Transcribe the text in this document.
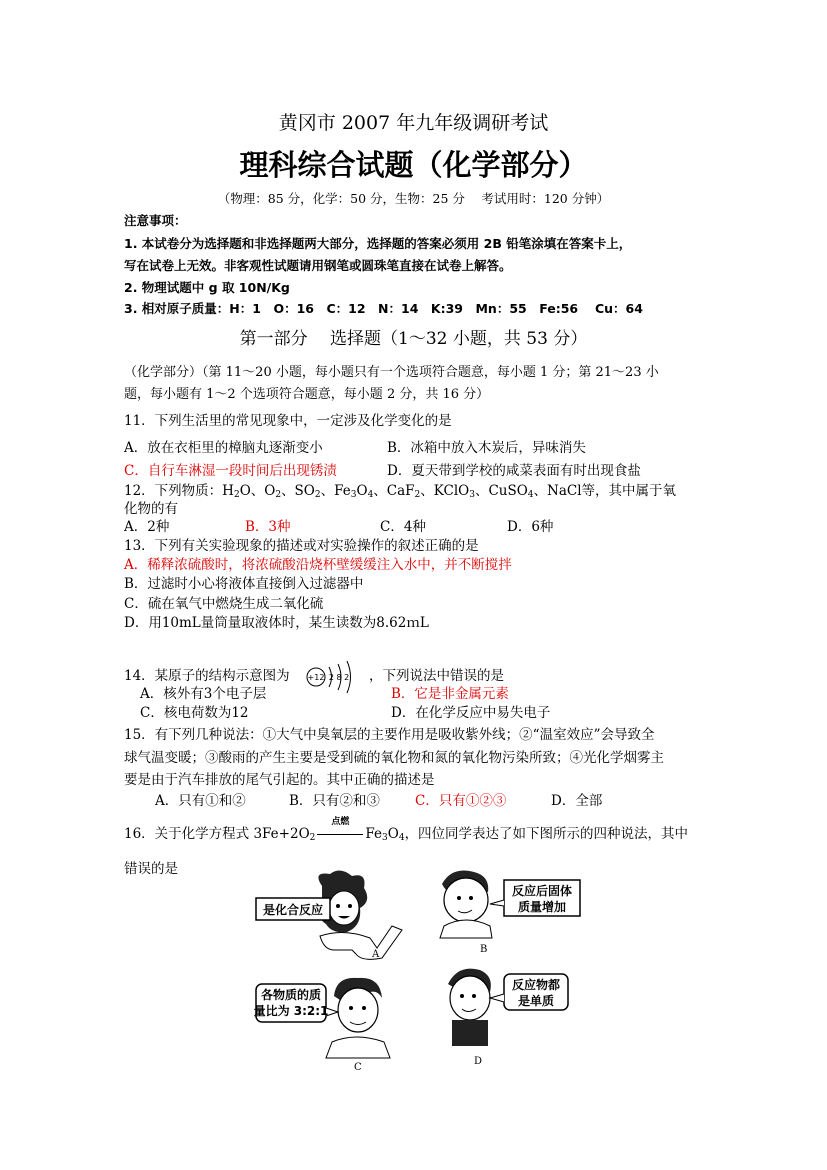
黄冈市 2007 年九年级调研考试
理科综合试题（化学部分）
（物理：85 分，化学：50 分，生物：25 分　 考试用时：120 分钟）
注意事项：
1. 本试卷分为选择题和非选择题两大部分，选择题的答案必须用 2B 铅笔涂填在答案卡上，
写在试卷上无效。非客观性试题请用钢笔或圆珠笔直接在试卷上解答。
2. 物理试题中 g 取 10N/Kg
3. 相对原子质量：H：1　O：16　C：12　N：14　K:39　Mn：55　Fe:56　 Cu：64
第一部分　 选择题（1～32 小题，共 53 分）
（化学部分）（第 11～20 小题，每小题只有一个选项符合题意，每小题 1 分；第 21～23 小
题，每小题有 1～2 个选项符合题意，每小题 2 分，共 16 分）
11．下列生活里的常见现象中，一定涉及化学变化的是
A．放在衣柜里的樟脑丸逐渐变小	B．冰箱中放入木炭后，异味消失
C．自行车淋湿一段时间后出现锈渍	D．夏天带到学校的咸菜表面有时出现食盐
12．下列物质：$H_2O$、$O_2$、$SO_2$、$Fe_3O_4$、CaF$_2$、KClO$_3$、CuSO$_4$、NaCl等，其中属于氧
化物的有
A．2种	B．3种	C．4种	D．6种
13．下列有关实验现象的描述或对实验操作的叙述正确的是
A．稀释浓硫酸时，将浓硫酸沿烧杯壁缓缓注入水中，并不断搅拌
B．过滤时小心将液体直接倒入过滤器中
C．硫在氧气中燃烧生成二氧化硫
D．用10mL量筒量取液体时，某生读数为8.62ｍL
14．某原子的结构示意图为 +12 2 8 2 ，下列说法中错误的是
A．核外有3个电子层	B．它是非金属元素
C．核电荷数为12	D．在化学反应中易失电子
15．有下列几种说法：①大气中臭氧层的主要作用是吸收紫外线；②“温室效应”会导致全
球气温变暖；③酸雨的产生主要是受到硫的氧化物和氮的氧化物污染所致；④光化学烟雾主
要是由于汽车排放的尾气引起的。其中正确的描述是
A．只有①和②	B．只有②和③	C．只有①②③	D．全部
16．关于化学方程式 $3Fe+2O_2$
点燃
$Fe_3O_4$，四位同学表达了如下图所示的四种说法，其中
错误的是
是化合反应
A
反应后固体
质量增加
B
各物质的质
量比为 3:2:1
C
反应物都
是单质
D
